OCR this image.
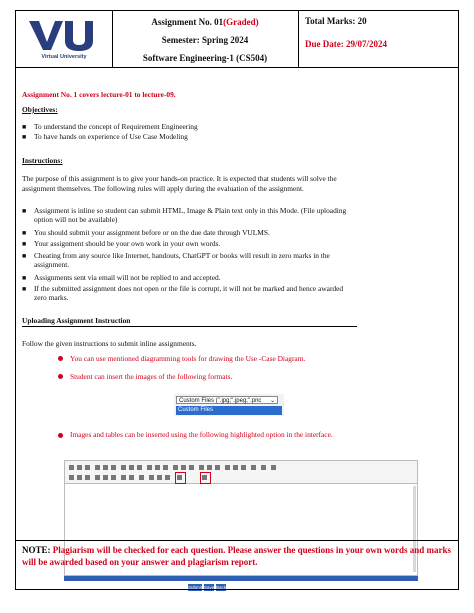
Virtual University
Assignment No. 01(Graded)
Semester: Spring 2024
Software Engineering-1 (CS504)
Total Marks: 20
Due Date: 29/07/2024
Assignment No. 1 covers lecture-01 to lecture-09.
Objectives:
■ To understand the concept of Requirement Engineering
■ To have hands on experience of Use Case Modeling
Instructions:
The purpose of this assignment is to give your hands-on practice. It is expected that students will solve the
assignment themselves. The following rules will apply during the evaluation of the assignment.
■ Assignment is inline so student can submit HTML, Image & Plain text only in this Mode. (File uploading
option will not be available)
■ You should submit your assignment before or on the due date through VULMS.
■ Your assignment should be your own work in your own words.
■ Cheating from any source like Internet, handouts, ChatGPT or books will result in zero marks in the
assignment.
■ Assignments sent via email will not be replied to and accepted.
■ If the submitted assignment does not open or the file is corrupt, it will not be marked and hence awarded
zero marks.
Uploading Assignment Instruction
Follow the given instructions to submit inline assignments.
You can use mentioned diagramming tools for drawing the Use -Case Diagram.
Student can insert the images of the following formats.
Custom Files (".jpg;".jpeg;".pnc ⌄
Custom Files (".jpg;".jpeg;".png;".bmp;".gif)
Images and tables can be inserted using the following highlighted option in the interface.

Submit Save Back
NOTE: Plagiarism will be checked for each question. Please answer the questions in your own words and marks will be awarded based on your answer and plagiarism report.
